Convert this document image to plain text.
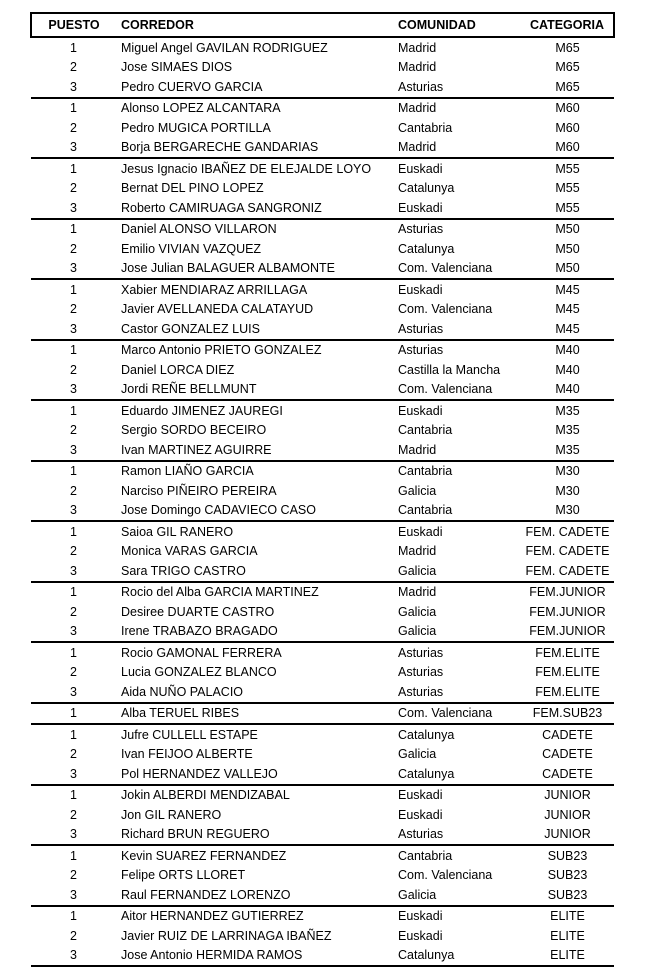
PUESTO	CORREDOR	COMUNIDAD	CATEGORIA
1	Miguel Angel GAVILAN RODRIGUEZ	Madrid	M65
2	Jose SIMAES DIOS	Madrid	M65
3	Pedro CUERVO GARCIA	Asturias	M65
1	Alonso LOPEZ ALCANTARA	Madrid	M60
2	Pedro MUGICA PORTILLA	Cantabria	M60
3	Borja BERGARECHE GANDARIAS	Madrid	M60
1	Jesus Ignacio IBAÑEZ DE ELEJALDE LOYO	Euskadi	M55
2	Bernat DEL PINO LOPEZ	Catalunya	M55
3	Roberto CAMIRUAGA SANGRONIZ	Euskadi	M55
1	Daniel ALONSO VILLARON	Asturias	M50
2	Emilio VIVIAN VAZQUEZ	Catalunya	M50
3	Jose Julian BALAGUER ALBAMONTE	Com. Valenciana	M50
1	Xabier MENDIARAZ ARRILLAGA	Euskadi	M45
2	Javier AVELLANEDA CALATAYUD	Com. Valenciana	M45
3	Castor GONZALEZ LUIS	Asturias	M45
1	Marco Antonio PRIETO GONZALEZ	Asturias	M40
2	Daniel LORCA DIEZ	Castilla la Mancha	M40
3	Jordi REÑE BELLMUNT	Com. Valenciana	M40
1	Eduardo JIMENEZ JAUREGI	Euskadi	M35
2	Sergio SORDO BECEIRO	Cantabria	M35
3	Ivan MARTINEZ AGUIRRE	Madrid	M35
1	Ramon LIAÑO GARCIA	Cantabria	M30
2	Narciso PIÑEIRO PEREIRA	Galicia	M30
3	Jose Domingo CADAVIECO CASO	Cantabria	M30
1	Saioa GIL RANERO	Euskadi	FEM. CADETE
2	Monica VARAS GARCIA	Madrid	FEM. CADETE
3	Sara TRIGO CASTRO	Galicia	FEM. CADETE
1	Rocio del Alba GARCIA MARTINEZ	Madrid	FEM.JUNIOR
2	Desiree DUARTE CASTRO	Galicia	FEM.JUNIOR
3	Irene TRABAZO BRAGADO	Galicia	FEM.JUNIOR
1	Rocio GAMONAL FERRERA	Asturias	FEM.ELITE
2	Lucia GONZALEZ BLANCO	Asturias	FEM.ELITE
3	Aida NUÑO PALACIO	Asturias	FEM.ELITE
1	Alba TERUEL RIBES	Com. Valenciana	FEM.SUB23
1	Jufre CULLELL ESTAPE	Catalunya	CADETE
2	Ivan FEIJOO ALBERTE	Galicia	CADETE
3	Pol HERNANDEZ VALLEJO	Catalunya	CADETE
1	Jokin ALBERDI MENDIZABAL	Euskadi	JUNIOR
2	Jon GIL RANERO	Euskadi	JUNIOR
3	Richard BRUN REGUERO	Asturias	JUNIOR
1	Kevin SUAREZ FERNANDEZ	Cantabria	SUB23
2	Felipe ORTS LLORET	Com. Valenciana	SUB23
3	Raul FERNANDEZ LORENZO	Galicia	SUB23
1	Aitor HERNANDEZ GUTIERREZ	Euskadi	ELITE
2	Javier RUIZ DE LARRINAGA IBAÑEZ	Euskadi	ELITE
3	Jose Antonio HERMIDA RAMOS	Catalunya	ELITE
